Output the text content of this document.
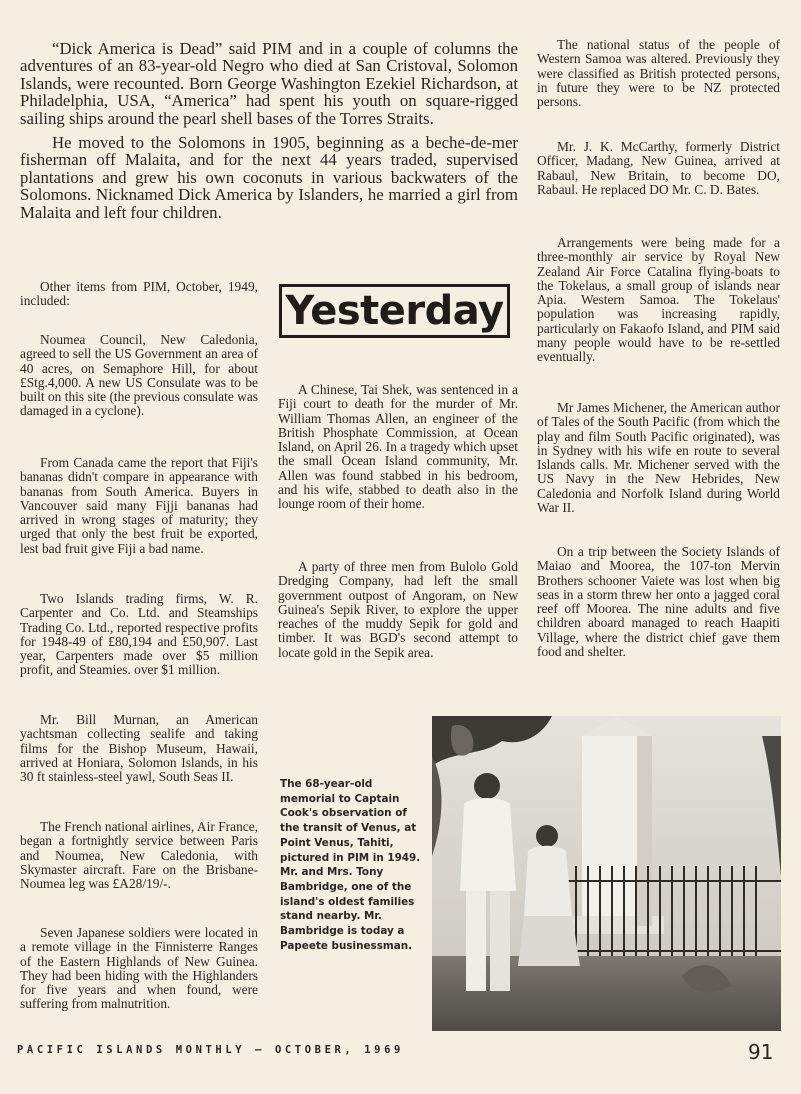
“Dick America is Dead” said PIM and in a couple of columns the adventures of an 83-year-old Negro who died at San Cristoval, Solomon Islands, were recounted. Born George Washington Ezekiel Richardson, at Philadelphia, USA, “America” had spent his youth on square-rigged sailing ships around the pearl shell bases of the Torres Straits.

He moved to the Solomons in 1905, beginning as a beche-de-mer fisherman off Malaita, and for the next 44 years traded, supervised plantations and grew his own coconuts in various backwaters of the Solomons. Nicknamed Dick America by Islanders, he married a girl from Malaita and left four children.

Yesterday

Other items from PIM, October, 1949, included:

Noumea Council, New Caledonia, agreed to sell the US Government an area of 40 acres, on Semaphore Hill, for about £Stg.4,000. A new US Consulate was to be built on this site (the previous consulate was damaged in a cyclone).

From Canada came the report that Fiji's bananas didn't compare in appearance with bananas from South America. Buyers in Vancouver said many Fijji bananas had arrived in wrong stages of maturity; they urged that only the best fruit be exported, lest bad fruit give Fiji a bad name.

Two Islands trading firms, W. R. Carpenter and Co. Ltd. and Steamships Trading Co. Ltd., reported respective profits for 1948-49 of £80,194 and £50,907. Last year, Carpenters made over $5 million profit, and Steamies. over $1 million.

Mr. Bill Murnan, an American yachtsman collecting sealife and taking films for the Bishop Museum, Hawaii, arrived at Honiara, Solomon Islands, in his 30 ft stainless-steel yawl, South Seas II.

The French national airlines, Air France, began a fortnightly service between Paris and Noumea, New Caledonia, with Skymaster aircraft. Fare on the Brisbane-Noumea leg was £A28/19/-.

Seven Japanese soldiers were located in a remote village in the Finnisterre Ranges of the Eastern Highlands of New Guinea. They had been hiding with the Highlanders for five years and when found, were suffering from malnutrition.

A Chinese, Tai Shek, was sentenced in a Fiji court to death for the murder of Mr. William Thomas Allen, an engineer of the British Phosphate Commission, at Ocean Island, on April 26. In a tragedy which upset the small Ocean Island community, Mr. Allen was found stabbed in his bedroom, and his wife, stabbed to death also in the lounge room of their home.

A party of three men from Bulolo Gold Dredging Company, had left the small government outpost of Angoram, on New Guinea's Sepik River, to explore the upper reaches of the muddy Sepik for gold and timber. It was BGD's second attempt to locate gold in the Sepik area.

The national status of the people of Western Samoa was altered. Previously they were classified as British protected persons, in future they were to be NZ protected persons.

Mr. J. K. McCarthy, formerly District Officer, Madang, New Guinea, arrived at Rabaul, New Britain, to become DO, Rabaul. He replaced DO Mr. C. D. Bates.

Arrangements were being made for a three-monthly air service by Royal New Zealand Air Force Catalina flying-boats to the Tokelaus, a small group of islands near Apia. Western Samoa. The Tokelaus' population was increasing rapidly, particularly on Fakaofo Island, and PIM said many people would have to be re-settled eventually.

Mr James Michener, the American author of Tales of the South Pacific (from which the play and film South Pacific originated), was in Sydney with his wife en route to several Islands calls. Mr. Michener served with the US Navy in the New Hebrides, New Caledonia and Norfolk Island during World War II.

On a trip between the Society Islands of Maiao and Moorea, the 107-ton Mervin Brothers schooner Vaiete was lost when big seas in a storm threw her onto a jagged coral reef off Moorea. The nine adults and five children aboard managed to reach Haapiti Village, where the district chief gave them food and shelter.

The 68-year-old memorial to Captain Cook's observation of the transit of Venus, at Point Venus, Tahiti, pictured in PIM in 1949. Mr. and Mrs. Tony Bambridge, one of the island's oldest families stand nearby. Mr. Bambridge is today a Papeete businessman.
PACIFIC ISLANDS MONTHLY — OCTOBER, 1969	91
